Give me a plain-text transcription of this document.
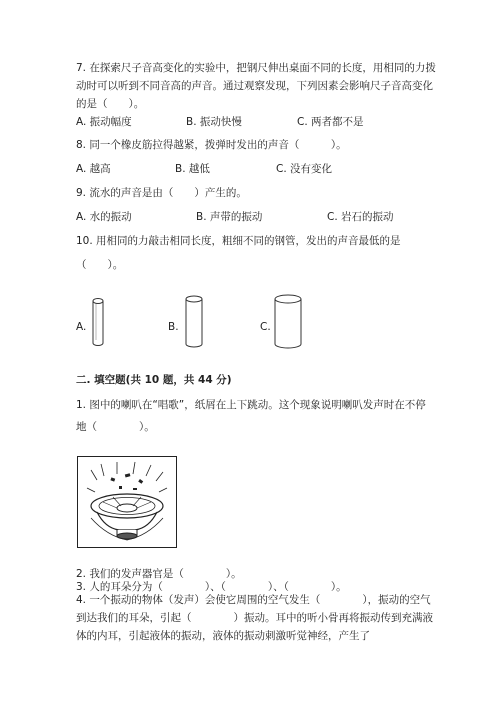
7. 在探索尺子音高变化的实验中，把钢尺伸出桌面不同的长度，用相同的力拨
动时可以听到不同音高的声音。通过观察发现，下列因素会影响尺子音高变化
的是（　　）。
A. 振动幅度	B. 振动快慢	C. 两者都不是
8. 同一个橡皮筋拉得越紧，拨弹时发出的声音（　　　）。
A. 越高	B. 越低	C. 没有变化
9. 流水的声音是由（　　）产生的。
A. 水的振动	B. 声带的振动	C. 岩石的振动
10. 用相同的力敲击相同长度，粗细不同的钢管，发出的声音最低的是
（　　）。
A.	B.	C.
二. 填空题(共 10 题，共 44 分)
1. 图中的喇叭在“唱歌”，纸屑在上下跳动。这个现象说明喇叭发声时在不停
地（　　　　）。
2. 我们的发声器官是（　　　　）。
3. 人的耳朵分为（　　　　）、（　　　　）、（　　　　）。
4. 一个振动的物体（发声）会使它周围的空气发生（　　　　），振动的空气
到达我们的耳朵，引起（　　　　）振动。耳中的听小骨再将振动传到充满液
体的内耳，引起液体的振动，液体的振动刺激听觉神经，产生了
